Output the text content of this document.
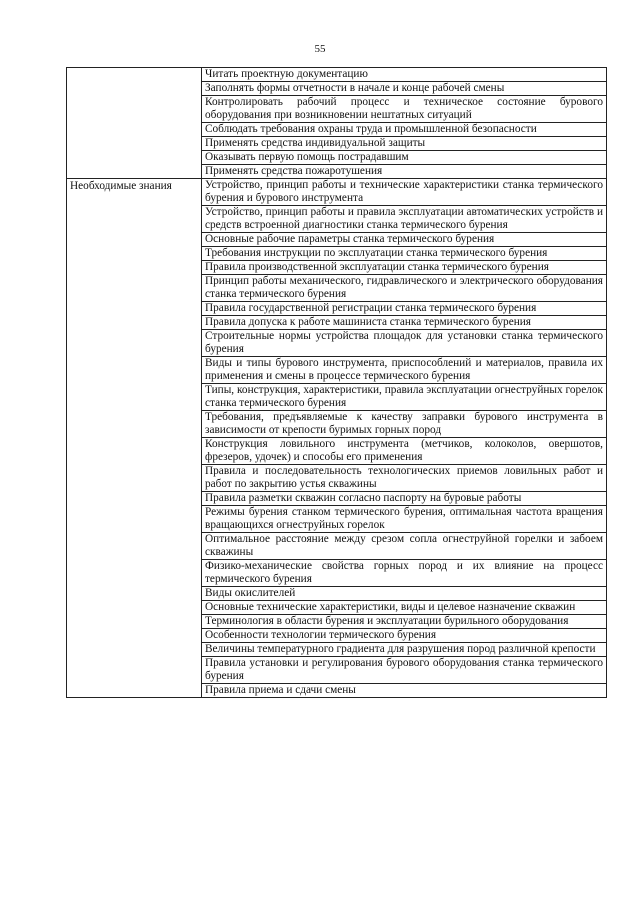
55
	Читать проектную документацию
	Заполнять формы отчетности в начале и конце рабочей смены
	Контролировать рабочий процесс и техническое состояние бурового оборудования при возникновении нештатных ситуаций
	Соблюдать требования охраны труда и промышленной безопасности
	Применять средства индивидуальной защиты
	Оказывать первую помощь пострадавшим
	Применять средства пожаротушения
Необходимые знания	Устройство, принцип работы и технические характеристики станка термического бурения и бурового инструмента
	Устройство, принцип работы и правила эксплуатации автоматических устройств и средств встроенной диагностики станка термического бурения
	Основные рабочие параметры станка термического бурения
	Требования инструкции по эксплуатации станка термического бурения
	Правила производственной эксплуатации станка термического бурения
	Принцип работы механического, гидравлического и электрического оборудования станка термического бурения
	Правила государственной регистрации станка термического бурения
	Правила допуска к работе машиниста станка термического бурения
	Строительные нормы устройства площадок для установки станка термического бурения
	Виды и типы бурового инструмента, приспособлений и материалов, правила их применения и смены в процессе термического бурения
	Типы, конструкция, характеристики, правила эксплуатации огнеструйных горелок станка термического бурения
	Требования, предъявляемые к качеству заправки бурового инструмента в зависимости от крепости буримых горных пород
	Конструкция ловильного инструмента (метчиков, колоколов, овершотов, фрезеров, удочек) и способы его применения
	Правила и последовательность технологических приемов ловильных работ и работ по закрытию устья скважины
	Правила разметки скважин согласно паспорту на буровые работы
	Режимы бурения станком термического бурения, оптимальная частота вращения вращающихся огнеструйных горелок
	Оптимальное расстояние между срезом сопла огнеструйной горелки и забоем скважины
	Физико-механические свойства горных пород и их влияние на процесс термического бурения
	Виды окислителей
	Основные технические характеристики, виды и целевое назначение скважин
	Терминология в области бурения и эксплуатации бурильного оборудования
	Особенности технологии термического бурения
	Величины температурного градиента для разрушения пород различной крепости
	Правила установки и регулирования бурового оборудования станка термического бурения
	Правила приема и сдачи смены
